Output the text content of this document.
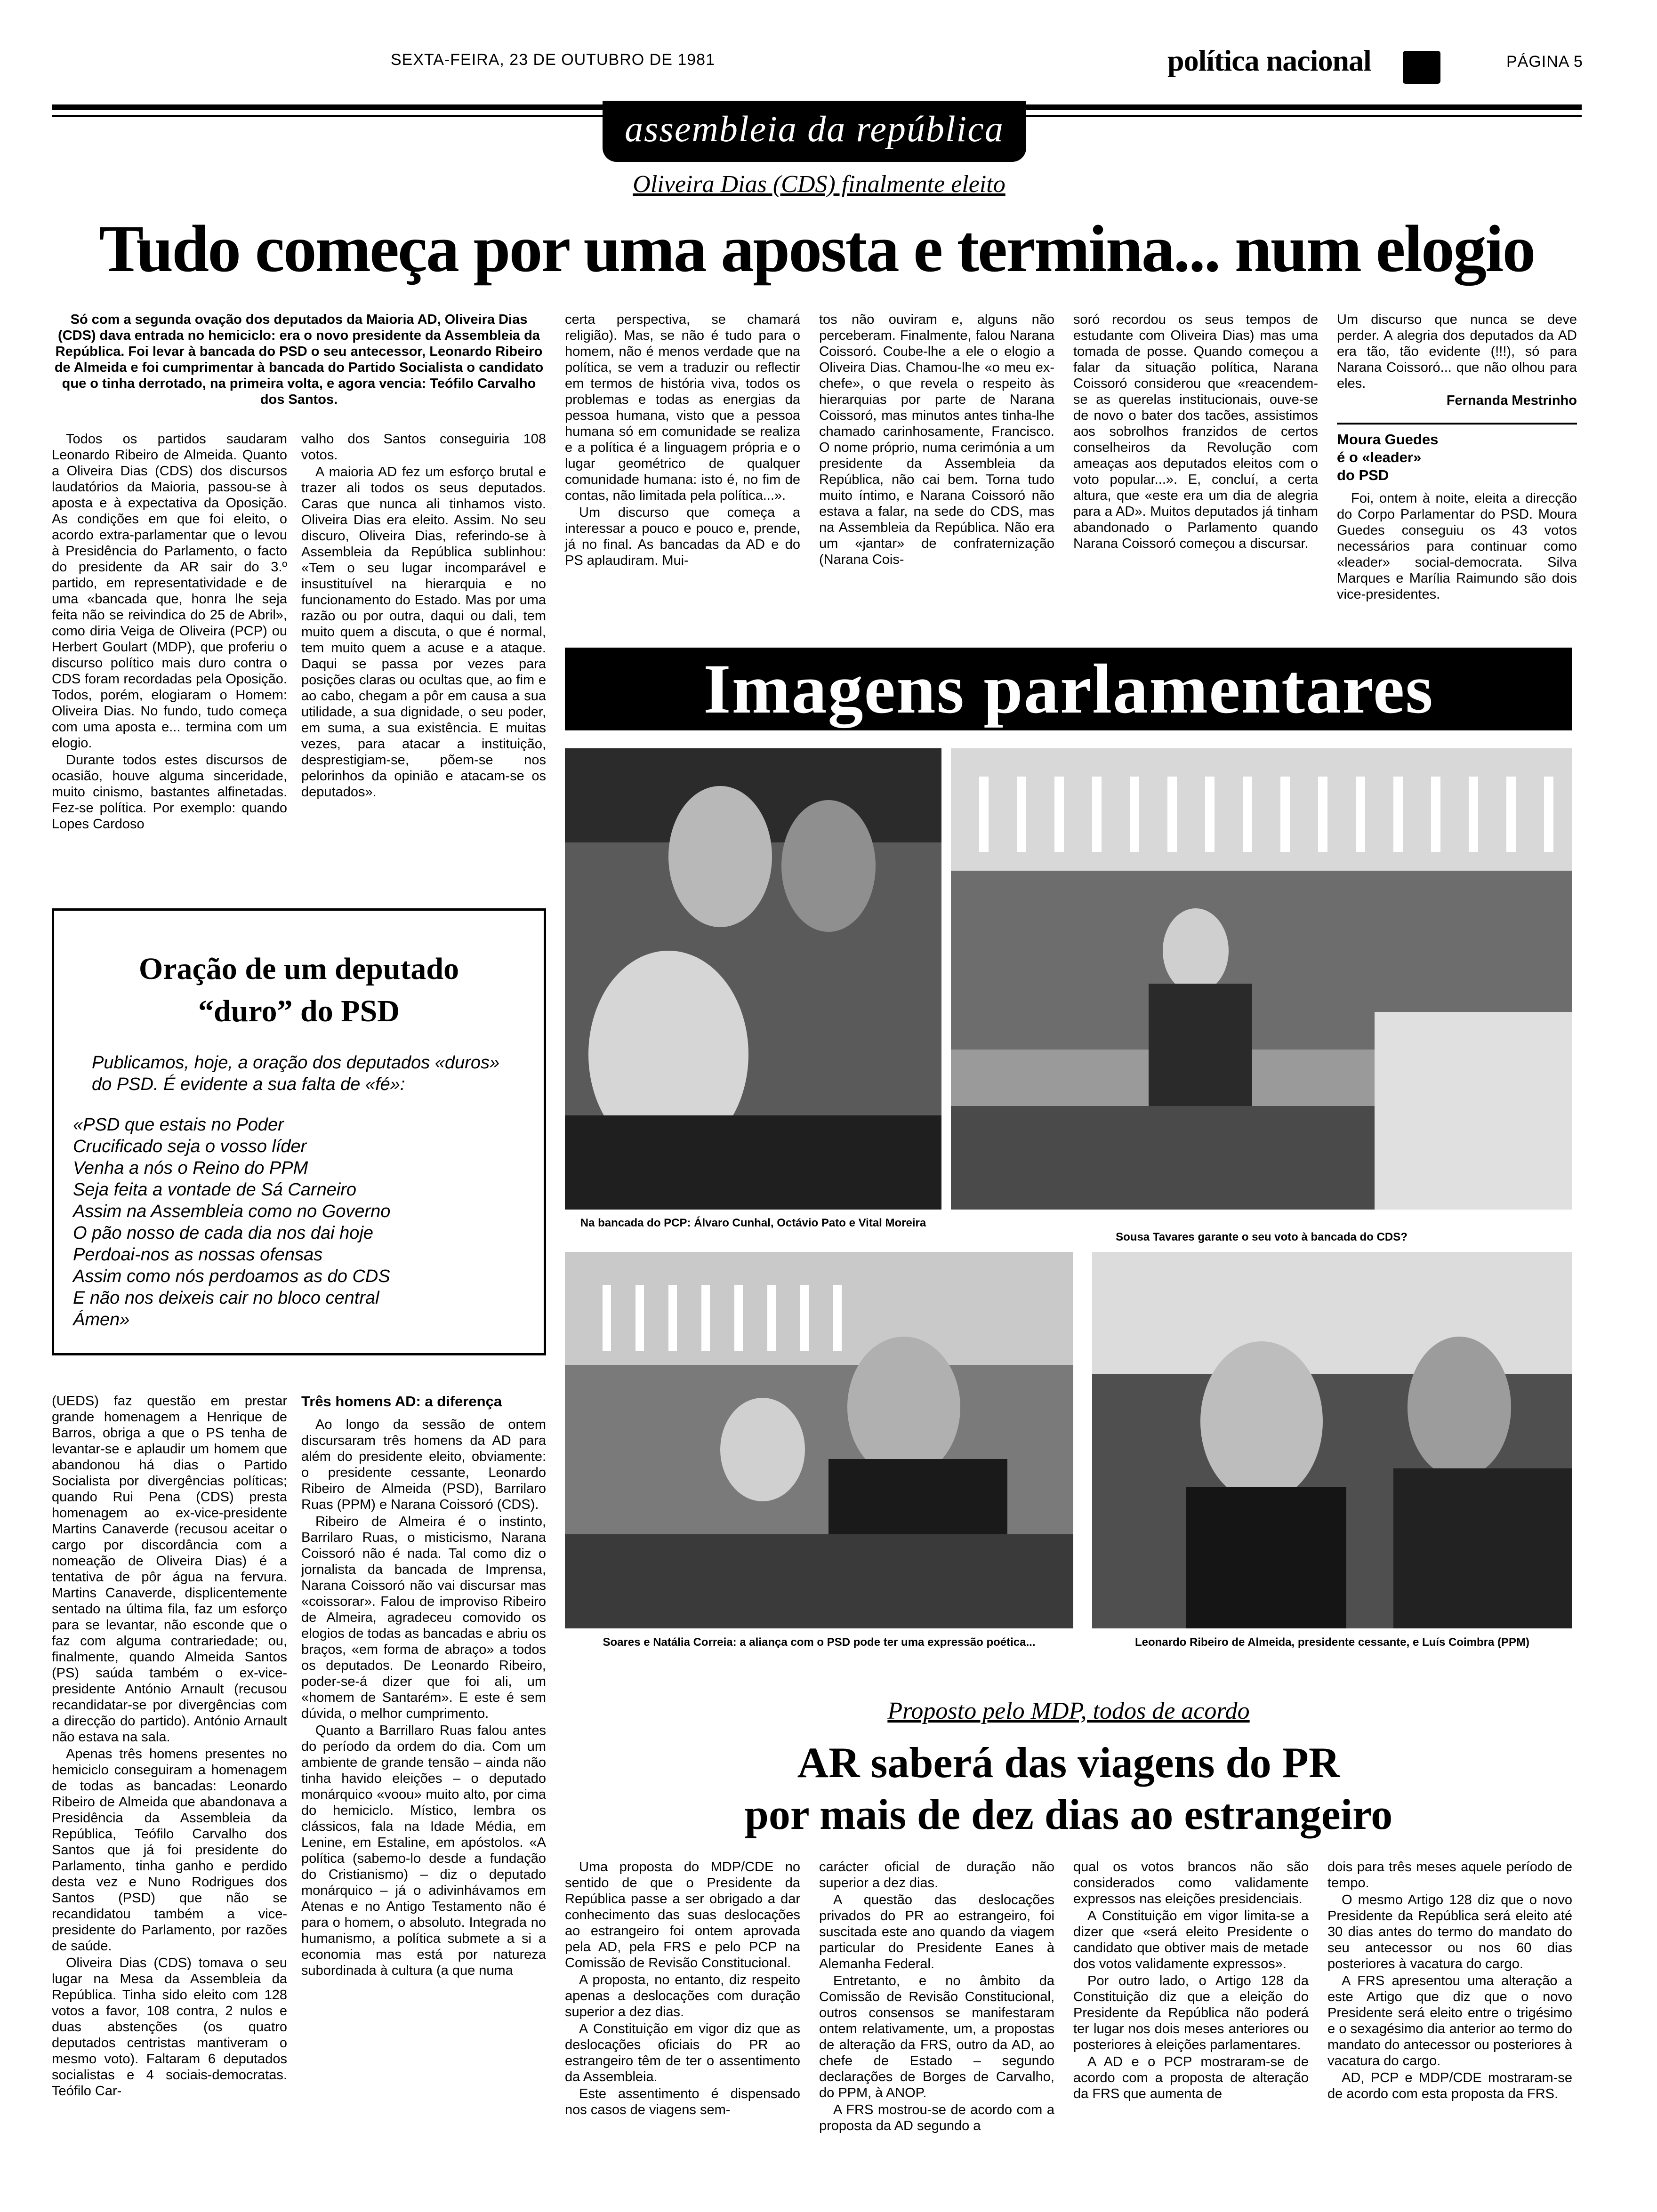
SEXTA-FEIRA, 23 DE OUTUBRO DE 1981	política nacional	PÁGINA 5
assembleia da república
Oliveira Dias (CDS) finalmente eleito
Tudo começa por uma aposta e termina... num elogio
Só com a segunda ovação dos deputados da Maioria AD, Oliveira Dias (CDS) dava entrada no hemiciclo: era o novo presidente da Assembleia da República. Foi levar à bancada do PSD o seu antecessor, Leonardo Ribeiro de Almeida e foi cumprimentar à bancada do Partido Socialista o candidato que o tinha derrotado, na primeira volta, e agora vencia: Teófilo Carvalho dos Santos.

Todos os partidos saudaram Leonardo Ribeiro de Almeida. Quanto a Oliveira Dias (CDS) dos discursos laudatórios da Maioria, passou-se à aposta e à expectativa da Oposição. As condições em que foi eleito, o acordo extra-parlamentar que o levou à Presidência do Parlamento, o facto do presidente da AR sair do 3.º partido, em representatividade e de uma «bancada que, honra lhe seja feita não se reivindica do 25 de Abril», como diria Veiga de Oliveira (PCP) ou Herbert Goulart (MDP), que proferiu o discurso político mais duro contra o CDS foram recordadas pela Oposição. Todos, porém, elogiaram o Homem: Oliveira Dias. No fundo, tudo começa com uma aposta e... termina com um elogio.

Durante todos estes discursos de ocasião, houve alguma sinceridade, muito cinismo, bastantes alfinetadas. Fez-se política. Por exemplo: quando Lopes Cardoso

valho dos Santos conseguiria 108 votos.

A maioria AD fez um esforço brutal e trazer ali todos os seus deputados. Caras que nunca ali tinhamos visto. Oliveira Dias era eleito. Assim. No seu discuro, Oliveira Dias, referindo-se à Assembleia da República sublinhou: «Tem o seu lugar incomparável e insustituível na hierarquia e no funcionamento do Estado. Mas por uma razão ou por outra, daqui ou dali, tem muito quem a discuta, o que é normal, tem muito quem a acuse e a ataque. Daqui se passa por vezes para posições claras ou ocultas que, ao fim e ao cabo, chegam a pôr em causa a sua utilidade, a sua dignidade, o seu poder, em suma, a sua existência. E muitas vezes, para atacar a instituição, desprestigiam-se, põem-se nos pelorinhos da opinião e atacam-se os deputados».

certa perspectiva, se chamará religião). Mas, se não é tudo para o homem, não é menos verdade que na política, se vem a traduzir ou reflectir em termos de história viva, todos os problemas e todas as energias da pessoa humana, visto que a pessoa humana só em comunidade se realiza e a política é a linguagem própria e o lugar geométrico de qualquer comunidade humana: isto é, no fim de contas, não limitada pela política...».

Um discurso que começa a interessar a pouco e pouco e, prende, já no final. As bancadas da AD e do PS aplaudiram. Mui-

tos não ouviram e, alguns não perceberam. Finalmente, falou Narana Coissoró. Coube-lhe a ele o elogio a Oliveira Dias. Chamou-lhe «o meu ex-chefe», o que revela o respeito às hierarquias por parte de Narana Coissoró, mas minutos antes tinha-lhe chamado carinhosamente, Francisco. O nome próprio, numa cerimónia a um presidente da Assembleia da República, não cai bem. Torna tudo muito íntimo, e Narana Coissoró não estava a falar, na sede do CDS, mas na Assembleia da República. Não era um «jantar» de confraternização (Narana Cois-

soró recordou os seus tempos de estudante com Oliveira Dias) mas uma tomada de posse. Quando começou a falar da situação política, Narana Coissoró considerou que «reacendem-se as querelas institucionais, ouve-se de novo o bater dos tacões, assistimos aos sobrolhos franzidos de certos conselheiros da Revolução com ameaças aos deputados eleitos com o voto popular...». E, concluí, a certa altura, que «este era um dia de alegria para a AD». Muitos deputados já tinham abandonado o Parlamento quando Narana Coissoró começou a discursar.

Um discurso que nunca se deve perder. A alegria dos deputados da AD era tão, tão evidente (!!!), só para Narana Coissoró... que não olhou para eles.

Fernanda Mestrinho

Moura Guedes

é o «leader»

do PSD

Foi, ontem à noite, eleita a direcção do Corpo Parlamentar do PSD. Moura Guedes conseguiu os 43 votos necessários para continuar como «leader» social-democrata. Silva Marques e Marília Raimundo são dois vice-presidentes.

Imagens parlamentares
Na bancada do PCP: Álvaro Cunhal, Octávio Pato e Vital Moreira
Sousa Tavares garante o seu voto à bancada do CDS?
Soares e Natália Correia: a aliança com o PSD pode ter uma expressão poética...	Leonardo Ribeiro de Almeida, presidente cessante, e Luís Coimbra (PPM)
Oração de um deputado
“duro” do PSD
Publicamos, hoje, a oração dos deputados «duros» do PSD. É evidente a sua falta de «fé»:
«PSD que estais no Poder
Crucificado seja o vosso líder
Venha a nós o Reino do PPM
Seja feita a vontade de Sá Carneiro
Assim na Assembleia como no Governo
O pão nosso de cada dia nos dai hoje
Perdoai-nos as nossas ofensas
Assim como nós perdoamos as do CDS
E não nos deixeis cair no bloco central
Ámen»

(UEDS) faz questão em prestar grande homenagem a Henrique de Barros, obriga a que o PS tenha de levantar-se e aplaudir um homem que abandonou há dias o Partido Socialista por divergências políticas; quando Rui Pena (CDS) presta homenagem ao ex-vice-presidente Martins Canaverde (recusou aceitar o cargo por discordância com a nomeação de Oliveira Dias) é a tentativa de pôr água na fervura. Martins Canaverde, displicentemente sentado na última fila, faz um esforço para se levantar, não esconde que o faz com alguma contrariedade; ou, finalmente, quando Almeida Santos (PS) saúda também o ex-vice-presidente António Arnault (recusou recandidatar-se por divergências com a direcção do partido). António Arnault não estava na sala.

Apenas três homens presentes no hemiciclo conseguiram a homenagem de todas as bancadas: Leonardo Ribeiro de Almeida que abandonava a Presidência da Assembleia da República, Teófilo Carvalho dos Santos que já foi presidente do Parlamento, tinha ganho e perdido desta vez e Nuno Rodrigues dos Santos (PSD) que não se recandidatou também a vice-presidente do Parlamento, por razões de saúde.

Oliveira Dias (CDS) tomava o seu lugar na Mesa da Assembleia da República. Tinha sido eleito com 128 votos a favor, 108 contra, 2 nulos e duas abstenções (os quatro deputados centristas mantiveram o mesmo voto). Faltaram 6 deputados socialistas e 4 sociais-democratas. Teófilo Car-

Três homens AD: a diferença

Ao longo da sessão de ontem discursaram três homens da AD para além do presidente eleito, obviamente: o presidente cessante, Leonardo Ribeiro de Almeida (PSD), Barrilaro Ruas (PPM) e Narana Coissoró (CDS).

Ribeiro de Almeira é o instinto, Barrilaro Ruas, o misticismo, Narana Coissoró não é nada. Tal como diz o jornalista da bancada de Imprensa, Narana Coissoró não vai discursar mas «coissorar». Falou de improviso Ribeiro de Almeira, agradeceu comovido os elogios de todas as bancadas e abriu os braços, «em forma de abraço» a todos os deputados. De Leonardo Ribeiro, poder-se-á dizer que foi ali, um «homem de Santarém». E este é sem dúvida, o melhor cumprimento.

Quanto a Barrillaro Ruas falou antes do período da ordem do dia. Com um ambiente de grande tensão – ainda não tinha havido eleições – o deputado monárquico «voou» muito alto, por cima do hemiciclo. Místico, lembra os clássicos, fala na Idade Média, em Lenine, em Estaline, em apóstolos. «A política (sabemo-lo desde a fundação do Cristianismo) – diz o deputado monárquico – já o adivinhávamos em Atenas e no Antigo Testamento não é para o homem, o absoluto. Integrada no humanismo, a política submete a si a economia mas está por natureza subordinada à cultura (a que numa

Proposto pelo MDP, todos de acordo
AR saberá das viagens do PR
por mais de dez dias ao estrangeiro

Uma proposta do MDP/CDE no sentido de que o Presidente da República passe a ser obrigado a dar conhecimento das suas deslocações ao estrangeiro foi ontem aprovada pela AD, pela FRS e pelo PCP na Comissão de Revisão Constitucional.

A proposta, no entanto, diz respeito apenas a deslocações com duração superior a dez dias.

A Constituição em vigor diz que as deslocações oficiais do PR ao estrangeiro têm de ter o assentimento da Assembleia.

Este assentimento é dispensado nos casos de viagens sem-

carácter oficial de duração não superior a dez dias.

A questão das deslocações privados do PR ao estrangeiro, foi suscitada este ano quando da viagem particular do Presidente Eanes à Alemanha Federal.

Entretanto, e no âmbito da Comissão de Revisão Constitucional, outros consensos se manifestaram ontem relativamente, um, a propostas de alteração da FRS, outro da AD, ao chefe de Estado – segundo declarações de Borges de Carvalho, do PPM, à ANOP.

A FRS mostrou-se de acordo com a proposta da AD segundo a

qual os votos brancos não são considerados como validamente expressos nas eleições presidenciais.

A Constituição em vigor limita-se a dizer que «será eleito Presidente o candidato que obtiver mais de metade dos votos validamente expressos».

Por outro lado, o Artigo 128 da Constituição diz que a eleição do Presidente da República não poderá ter lugar nos dois meses anteriores ou posteriores à eleições parlamentares.

A AD e o PCP mostraram-se de acordo com a proposta de alteração da FRS que aumenta de

dois para três meses aquele período de tempo.

O mesmo Artigo 128 diz que o novo Presidente da República será eleito até 30 dias antes do termo do mandato do seu antecessor ou nos 60 dias posteriores à vacatura do cargo.

A FRS apresentou uma alteração a este Artigo que diz que o novo Presidente será eleito entre o trigésimo e o sexagésimo dia anterior ao termo do mandato do antecessor ou posteriores à vacatura do cargo.

AD, PCP e MDP/CDE mostraram-se de acordo com esta proposta da FRS.
